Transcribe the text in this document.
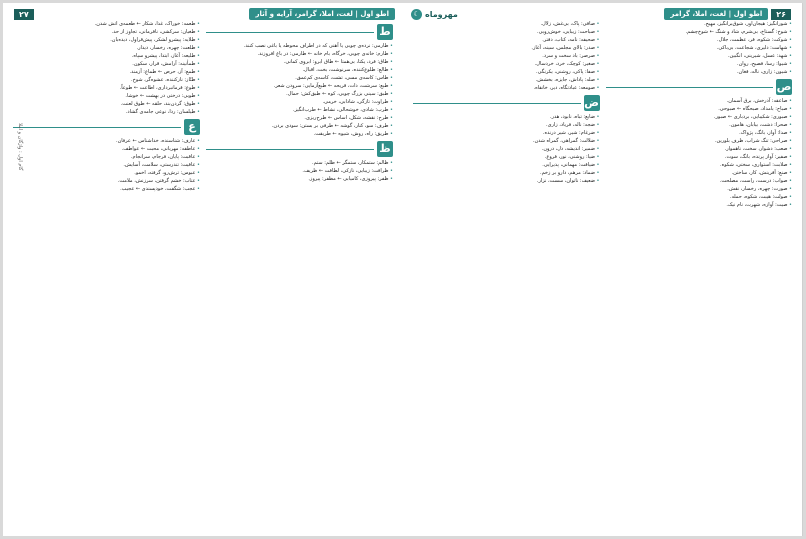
اطو اول | لغت، املا، گرامر، آرایه و آثار
۲۷
گام اول : واژگان و املا
ط

• طارمی: نرده‌ی چوبی یا آهنی که در اطراف محوطه یا باغی نصب کنند.

• طارم: خانه‌ی چوبی، خرگاه، بام خانه ← طارمی: در باغ افروزند.

• طاق: فرد، یکتا، بی‌همتا ← طاق ابرو: ابروی کمانی.

• طالع: طلوع‌کننده، سرنوشت، بخت، اقبال.

• طاس: کاسه‌ی مسی، تشت، کاسه‌ی کم‌عمق.

• طبع: سرشت، ذات، قریحه ← طبع‌آزمایی: سرودن شعر.

• طبق: سینی بزرگ چوبی، کوه ← طبق‌کش: حمال.

• طراوت: تازگی، شادابی، خرمی.

• طرب: شادی، خوشحالی، نشاط ← طرب‌انگیز.

• طرح: نقشه، شکل، اساس ← طرح‌ریزی.

• طرف: سو، کنار، گوشه ← طرفی بر بستن: سودی بردن.

• طریق: راه، روش، شیوه ← طریقت.

ظ

• ظالم: ستمکار، ستمگر ← ظلم: ستم.

• ظرافت: زیبایی، نازکی، لطافت ← ظریف.

• ظفر: پیروزی، کامیابی ← مظفر: پیروز.

• طعمه: خوراک، غذا، شکار ← طعمه‌ی آتش شدن.

• طغیان: سرکشی، نافرمانی، تجاوز از حد.

• طلایه: پیشرو لشکر، پیش‌قراول، دیده‌بان.

• طلعت: چهره، رخسار، دیدار.

• طلیعه: آغاز، ابتدا، پیشرو سپاه.

• طمأنینه: آرامش، قرار، سکون.

• طمع: آز، حرص ← طماع: آزمند.

• طنّاز: نازکننده، عشوه‌گر، شوخ.

• طوع: فرمانبرداری، اطاعت ← طوعاً.

• طوبی: درختی در بهشت ← خوشا.

• طوق: گردن‌بند، حلقه ← طوق لعنت.

• طیلسان: ردا، نوعی جامه‌ی گشاد.

ع

• عارف: شناسنده، خداشناس ← عرفان.

• عاطفه: مهربانی، محبت ← عواطف.

• عاقبت: پایان، فرجام، سرانجام.

• عافیت: تندرستی، سلامت، آسایش.

• عبوس: ترش‌رو، گرفته، اخمو.

• عتاب: خشم گرفتن، سرزنش، ملامت.

• عجب: شگفت، خودپسندی ← عجیب.

۲۶
اطو اول | لغت، املا، گرامر
مهروماه
☾

• شورانگیز: هیجان‌آور، شوق‌برانگیز، مهیج.

• شوخ: گستاخ، بی‌شرم، شاد و شنگ ← شوخ‌چشم.

• شوکت: شکوه، فر، عظمت، جلال.

• شهامت: دلیری، شجاعت، بی‌باکی.

• شهد: عسل، شیرینی، انگبین.

• شیوا: رسا، فصیح، روان.

• شیون: زاری، ناله، فغان.

ص

• صاعقه: آذرخش، برق آسمان.

• صباح: بامداد، صبحگاه ← صبوحی.

• صبوری: شکیبایی، بردباری ← صبور.

• صحرا: دشت، بیابان، هامون.

• صدا: آواز، بانگ، پژواک.

• صراحی: تنگ شراب، ظرف بلورین.

• صعب: دشوار، سخت، ناهموار.

• صفیر: آواز پرنده، بانگ، سوت.

• صلابت: استواری، سختی، شکوه.

• صنع: آفرینش، کار، ساختن.

• صواب: درست، راست، مصلحت.

• صورت: چهره، رخسار، نقش.

• صولت: هیبت، شکوه، حمله.

• صیت: آوازه، شهرت، نام نیک.

• صافی: پاک، بی‌غش، زلال.

• صباحت: زیبایی، خوش‌رویی.

• صحیفه: نامه، کتاب، دفتر.

• صدر: بالای مجلس، سینه، آغاز.

• صرصر: باد سخت و سرد.

• صغیر: کوچک، خرد، خردسال.

• صفا: پاکی، روشنی، یکرنگی.

• صله: پاداش، جایزه، بخشش.

• صومعه: عبادتگاه، دیر، خانقاه.

ض

• ضایع: تباه، نابود، هدر.

• ضجه: ناله، فریاد، زاری.

• ضرغام: شیر، شیر درنده.

• ضلالت: گمراهی، گمراه شدن.

• ضمیر: اندیشه، دل، درون.

• ضیا: روشنی، نور، فروغ.

• ضیافت: مهمانی، پذیرایی.

• ضماد: مرهم، دارو بر زخم.

• ضعیف: ناتوان، سست، نزار.
